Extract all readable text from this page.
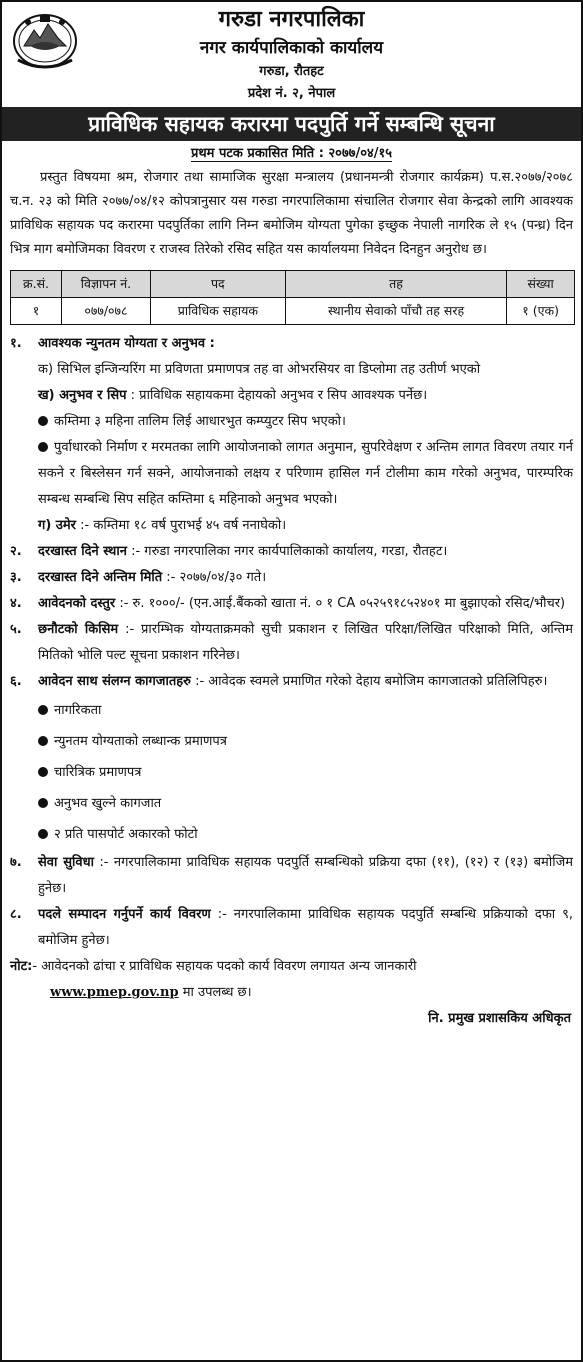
गरुडा नगरपालिका
नगर कार्यपालिकाको कार्यालय
गरुडा, रौतहट
प्रदेश नं. २, नेपाल
प्राविधिक सहायक करारमा पदपुर्ति गर्ने सम्बन्धि सूचना
प्रथम पटक प्रकासित मिति : २०७७/०४/१५
प्रस्तुत विषयमा श्रम, रोजगार तथा सामाजिक सुरक्षा मन्त्रालय (प्रधानमन्त्री रोजगार कार्यक्रम) प.स.२०७७/२०७८ च.न. २३ को मिति २०७७/०४/१२ कोपत्रानुसार यस गरुडा नगरपालिकामा संचालित रोजगार सेवा केन्द्रको लागि आवश्यक प्राविधिक सहायक पद करारमा पदपुर्तिका लागि निम्न बमोजिम योग्यता पुगेका इच्छुक नेपाली नागरिक ले १५ (पन्ध्र) दिन भित्र माग बमोजिमका विवरण र राजस्व तिरेको रसिद सहित यस कार्यालयमा निवेदन दिनहुन अनुरोध छ।
क्र.सं.	विज्ञापन नं.	पद	तह	संख्या
१	०७७/०७८	प्राविधिक सहायक	स्थानीय सेवाको पाँचौ तह सरह	१ (एक)
१.	आवश्यक न्युनतम योग्यता र अनुभव :
क) सिभिल इन्जिन्यरिंग मा प्रविणता प्रमाणपत्र तह वा ओभरसियर वा डिप्लोमा तह उतीर्ण भएको
ख) अनुभव र सिप : प्राविधिक सहायकमा देहायको अनुभव र सिप आवश्यक पर्नेछ।
कम्तिमा ३ महिना तालिम लिई आधारभुत कम्प्युटर सिप भएको।
पुर्वाधारको निर्माण र मरमतका लागि आयोजनाको लागत अनुमान, सुपरिवेक्षण र अन्तिम लागत विवरण तयार गर्न सकने र बिस्लेसन गर्न सक्ने, आयोजनाको लक्षय र परिणाम हासिल गर्न टोलीमा काम गरेको अनुभव, पारम्परिक सम्बन्ध सम्बन्धि सिप सहित कम्तिमा ६ महिनाको अनुभव भएको।
ग) उमेर :- कम्तिमा १८ वर्ष पुराभई ४५ वर्ष ननाघेको।
२.	दरखास्त दिने स्थान :- गरुडा नगरपालिका नगर कार्यपालिकाको कार्यालय, गरडा, रौतहट।
३.	दरखास्त दिने अन्तिम मिति :- २०७७/०४/३० गते।
४.	आवेदनको दस्तुर :- रु. १०००/- (एन.आई.बैंकको खाता नं. ० १ CA ०५२५९१८५२४०१ मा बुझाएको रसिद/भौचर)
५.	छनौटको किसिम :- प्रारम्भिक योग्यताक्रमको सुची प्रकाशन र लिखित परिक्षा/लिखित परिक्षाको मिति, अन्तिम मितिको भोलि पल्ट सूचना प्रकाशन गरिनेछ।
६.	आवेदन साथ संलग्न कागजातहरु :- आवेदक स्वमले प्रमाणित गरेको देहाय बमोजिम कागजातको प्रतिलिपिहरु।
नागरिकता
न्युनतम योग्यताको लब्धान्क प्रमाणपत्र
चारित्रिक प्रमाणपत्र
अनुभव खुल्ने कागजात
२ प्रति पासपोर्ट अकारको फोटो
७.	सेवा सुविधा :- नगरपालिकामा प्राविधिक सहायक पदपुर्ति सम्बन्धिको प्रक्रिया दफा (११), (१२) र (१३) बमोजिम हुनेछ।
८.	पदले सम्पादन गर्नुपर्ने कार्य विवरण :- नगरपालिकामा प्राविधिक सहायक पदपुर्ति सम्बन्धि प्रक्रियाको दफा ९, बमोजिम हुनेछ।
नोट:- आवेदनको ढांचा र प्राविधिक सहायक पदको कार्य विवरण लगायत अन्य जानकारी
www.pmep.gov.np मा उपलब्ध छ।
नि. प्रमुख प्रशासकिय अधिकृत
